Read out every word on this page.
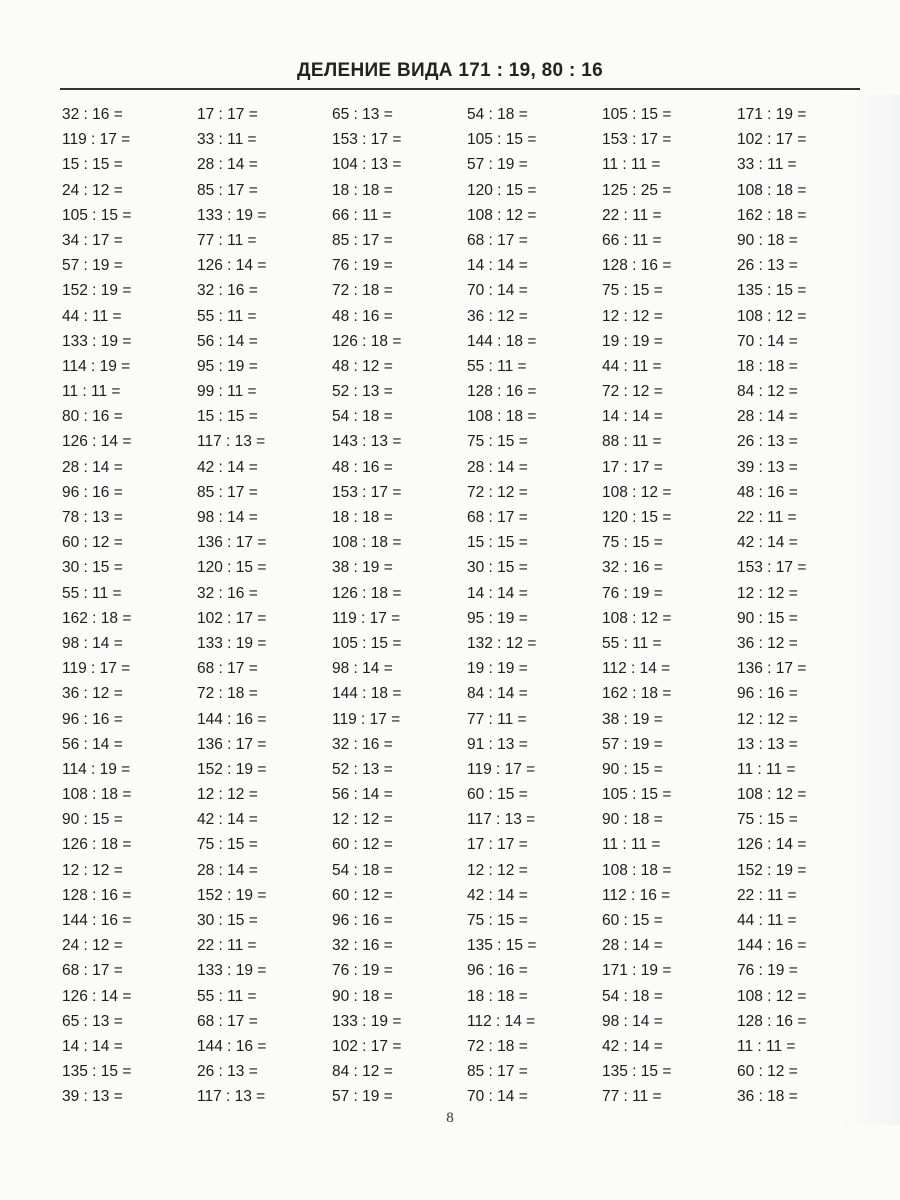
ДЕЛЕНИЕ ВИДА 171 : 19, 80 : 16
32 : 16 =	17 : 17 =	65 : 13 =	54 : 18 =	105 : 15 =	171 : 19 =
119 : 17 =	33 : 11 =	153 : 17 =	105 : 15 =	153 : 17 =	102 : 17 =
15 : 15 =	28 : 14 =	104 : 13 =	57 : 19 =	11 : 11 =	33 : 11 =
24 : 12 =	85 : 17 =	18 : 18 =	120 : 15 =	125 : 25 =	108 : 18 =
105 : 15 =	133 : 19 =	66 : 11 =	108 : 12 =	22 : 11 =	162 : 18 =
34 : 17 =	77 : 11 =	85 : 17 =	68 : 17 =	66 : 11 =	90 : 18 =
57 : 19 =	126 : 14 =	76 : 19 =	14 : 14 =	128 : 16 =	26 : 13 =
152 : 19 =	32 : 16 =	72 : 18 =	70 : 14 =	75 : 15 =	135 : 15 =
44 : 11 =	55 : 11 =	48 : 16 =	36 : 12 =	12 : 12 =	108 : 12 =
133 : 19 =	56 : 14 =	126 : 18 =	144 : 18 =	19 : 19 =	70 : 14 =
114 : 19 =	95 : 19 =	48 : 12 =	55 : 11 =	44 : 11 =	18 : 18 =
11 : 11 =	99 : 11 =	52 : 13 =	128 : 16 =	72 : 12 =	84 : 12 =
80 : 16 =	15 : 15 =	54 : 18 =	108 : 18 =	14 : 14 =	28 : 14 =
126 : 14 =	117 : 13 =	143 : 13 =	75 : 15 =	88 : 11 =	26 : 13 =
28 : 14 =	42 : 14 =	48 : 16 =	28 : 14 =	17 : 17 =	39 : 13 =
96 : 16 =	85 : 17 =	153 : 17 =	72 : 12 =	108 : 12 =	48 : 16 =
78 : 13 =	98 : 14 =	18 : 18 =	68 : 17 =	120 : 15 =	22 : 11 =
60 : 12 =	136 : 17 =	108 : 18 =	15 : 15 =	75 : 15 =	42 : 14 =
30 : 15 =	120 : 15 =	38 : 19 =	30 : 15 =	32 : 16 =	153 : 17 =
55 : 11 =	32 : 16 =	126 : 18 =	14 : 14 =	76 : 19 =	12 : 12 =
162 : 18 =	102 : 17 =	119 : 17 =	95 : 19 =	108 : 12 =	90 : 15 =
98 : 14 =	133 : 19 =	105 : 15 =	132 : 12 =	55 : 11 =	36 : 12 =
119 : 17 =	68 : 17 =	98 : 14 =	19 : 19 =	112 : 14 =	136 : 17 =
36 : 12 =	72 : 18 =	144 : 18 =	84 : 14 =	162 : 18 =	96 : 16 =
96 : 16 =	144 : 16 =	119 : 17 =	77 : 11 =	38 : 19 =	12 : 12 =
56 : 14 =	136 : 17 =	32 : 16 =	91 : 13 =	57 : 19 =	13 : 13 =
114 : 19 =	152 : 19 =	52 : 13 =	119 : 17 =	90 : 15 =	11 : 11 =
108 : 18 =	12 : 12 =	56 : 14 =	60 : 15 =	105 : 15 =	108 : 12 =
90 : 15 =	42 : 14 =	12 : 12 =	117 : 13 =	90 : 18 =	75 : 15 =
126 : 18 =	75 : 15 =	60 : 12 =	17 : 17 =	11 : 11 =	126 : 14 =
12 : 12 =	28 : 14 =	54 : 18 =	12 : 12 =	108 : 18 =	152 : 19 =
128 : 16 =	152 : 19 =	60 : 12 =	42 : 14 =	112 : 16 =	22 : 11 =
144 : 16 =	30 : 15 =	96 : 16 =	75 : 15 =	60 : 15 =	44 : 11 =
24 : 12 =	22 : 11 =	32 : 16 =	135 : 15 =	28 : 14 =	144 : 16 =
68 : 17 =	133 : 19 =	76 : 19 =	96 : 16 =	171 : 19 =	76 : 19 =
126 : 14 =	55 : 11 =	90 : 18 =	18 : 18 =	54 : 18 =	108 : 12 =
65 : 13 =	68 : 17 =	133 : 19 =	112 : 14 =	98 : 14 =	128 : 16 =
14 : 14 =	144 : 16 =	102 : 17 =	72 : 18 =	42 : 14 =	11 : 11 =
135 : 15 =	26 : 13 =	84 : 12 =	85 : 17 =	135 : 15 =	60 : 12 =
39 : 13 =	117 : 13 =	57 : 19 =	70 : 14 =	77 : 11 =	36 : 18 =
8
